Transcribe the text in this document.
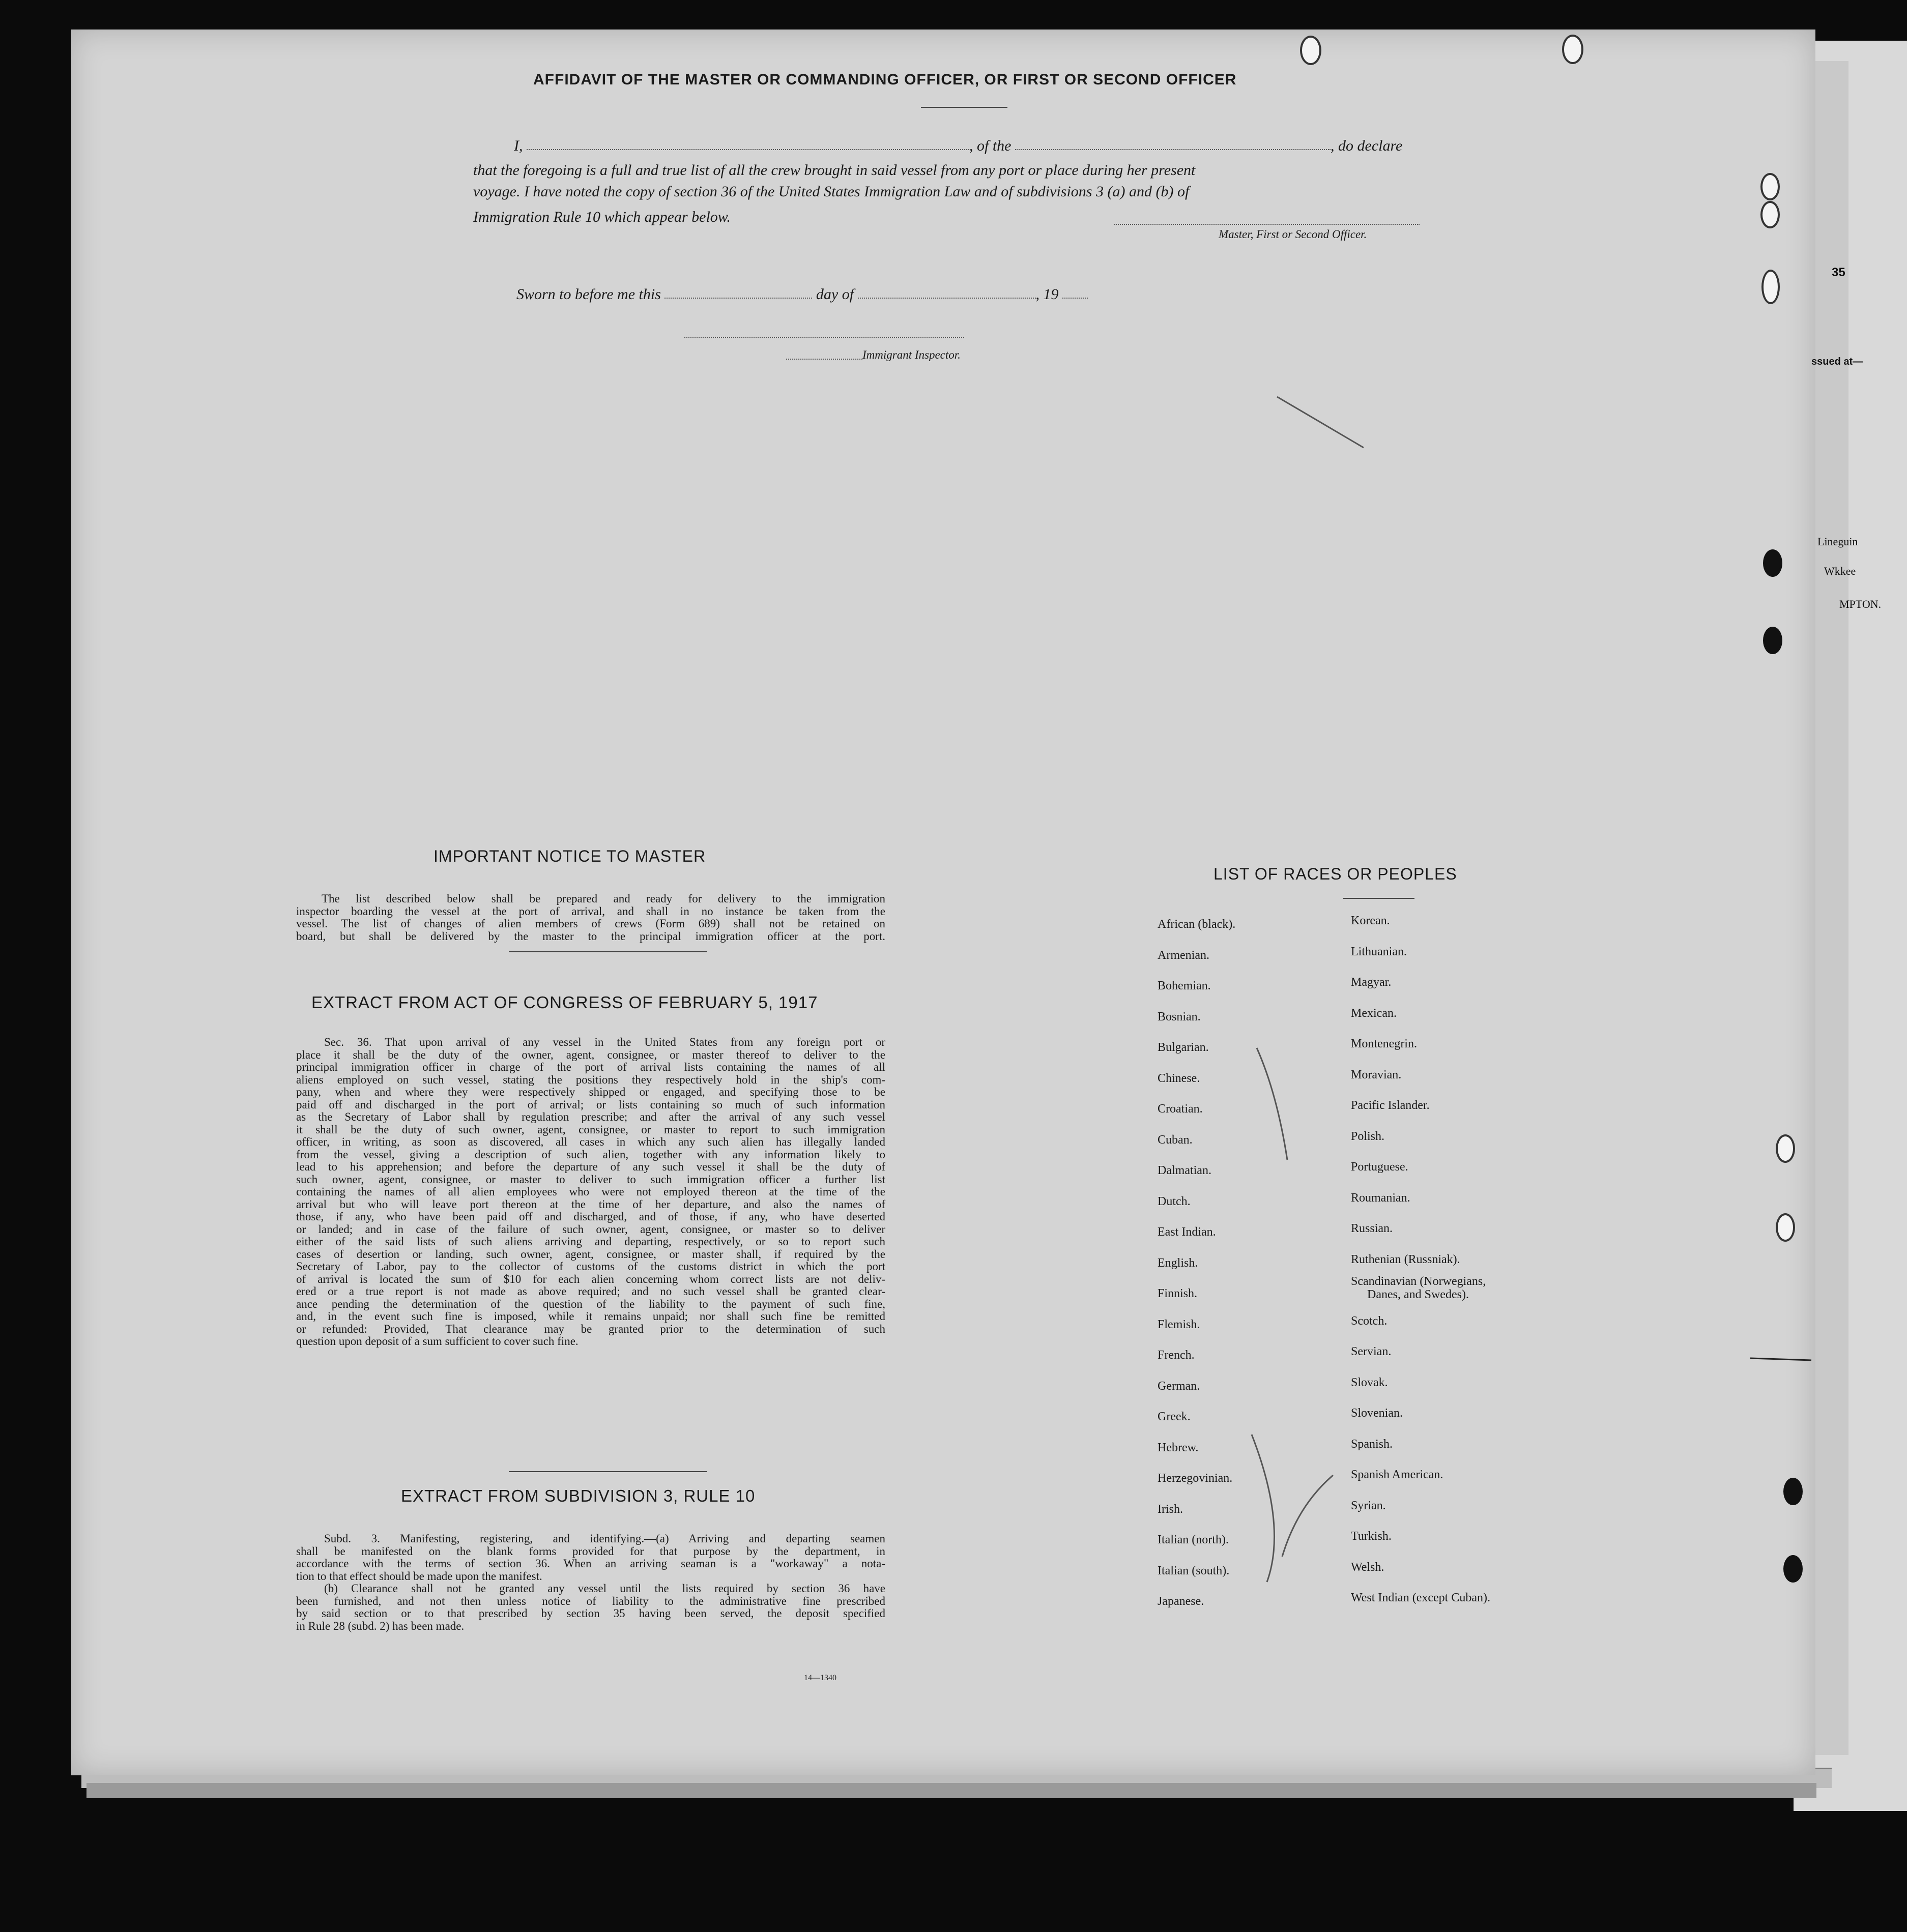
35
ssued at—
Lineguin
Wkkee
MPTON.
AFFIDAVIT OF THE MASTER OR COMMANDING OFFICER, OR FIRST OR SECOND OFFICER
I,	, of the	, do declare
that the foregoing is a full and true list of all the crew brought in said vessel from any port or place during her present
voyage. I have noted the copy of section 36 of the United States Immigration Law and of subdivisions 3 (a) and (b) of
Immigration Rule 10 which appear below.
Master, First or Second Officer.
Sworn to before me this	day of	, 19
Immigrant Inspector.
IMPORTANT NOTICE TO MASTER
The list described below shall be prepared and ready for delivery to the immigration
inspector boarding the vessel at the port of arrival, and shall in no instance be taken from the
vessel. The list of changes of alien members of crews (Form 689) shall not be retained on
board, but shall be delivered by the master to the principal immigration officer at the port.
EXTRACT FROM ACT OF CONGRESS OF FEBRUARY 5, 1917
Sec. 36. That upon arrival of any vessel in the United States from any foreign port or
place it shall be the duty of the owner, agent, consignee, or master thereof to deliver to the
principal immigration officer in charge of the port of arrival lists containing the names of all
aliens employed on such vessel, stating the positions they respectively hold in the ship's com-
pany, when and where they were respectively shipped or engaged, and specifying those to be
paid off and discharged in the port of arrival; or lists containing so much of such information
as the Secretary of Labor shall by regulation prescribe; and after the arrival of any such vessel
it shall be the duty of such owner, agent, consignee, or master to report to such immigration
officer, in writing, as soon as discovered, all cases in which any such alien has illegally landed
from the vessel, giving a description of such alien, together with any information likely to
lead to his apprehension; and before the departure of any such vessel it shall be the duty of
such owner, agent, consignee, or master to deliver to such immigration officer a further list
containing the names of all alien employees who were not employed thereon at the time of the
arrival but who will leave port thereon at the time of her departure, and also the names of
those, if any, who have been paid off and discharged, and of those, if any, who have deserted
or landed; and in case of the failure of such owner, agent, consignee, or master so to deliver
either of the said lists of such aliens arriving and departing, respectively, or so to report such
cases of desertion or landing, such owner, agent, consignee, or master shall, if required by the
Secretary of Labor, pay to the collector of customs of the customs district in which the port
of arrival is located the sum of $10 for each alien concerning whom correct lists are not deliv-
ered or a true report is not made as above required; and no such vessel shall be granted clear-
ance pending the determination of the question of the liability to the payment of such fine,
and, in the event such fine is imposed, while it remains unpaid; nor shall such fine be remitted
or refunded: Provided, That clearance may be granted prior to the determination of such
question upon deposit of a sum sufficient to cover such fine.
EXTRACT FROM SUBDIVISION 3, RULE 10
Subd. 3. Manifesting, registering, and identifying.—(a) Arriving and departing seamen
shall be manifested on the blank forms provided for that purpose by the department, in
accordance with the terms of section 36. When an arriving seaman is a "workaway" a nota-
tion to that effect should be made upon the manifest.
(b) Clearance shall not be granted any vessel until the lists required by section 36 have
been furnished, and not then unless notice of liability to the administrative fine prescribed
by said section or to that prescribed by section 35 having been served, the deposit specified
in Rule 28 (subd. 2) has been made.
14—1340
LIST OF RACES OR PEOPLES
African (black).
Armenian.
Bohemian.
Bosnian.
Bulgarian.
Chinese.
Croatian.
Cuban.
Dalmatian.
Dutch.
East Indian.
English.
Finnish.
Flemish.
French.
German.
Greek.
Hebrew.
Herzegovinian.
Irish.
Italian (north).
Italian (south).
Japanese.
Korean.
Lithuanian.
Magyar.
Mexican.
Montenegrin.
Moravian.
Pacific Islander.
Polish.
Portuguese.
Roumanian.
Russian.
Ruthenian (Russniak).
Scandinavian (Norwegians,
Danes, and Swedes).
Scotch.
Servian.
Slovak.
Slovenian.
Spanish.
Spanish American.
Syrian.
Turkish.
Welsh.
West Indian (except Cuban).
